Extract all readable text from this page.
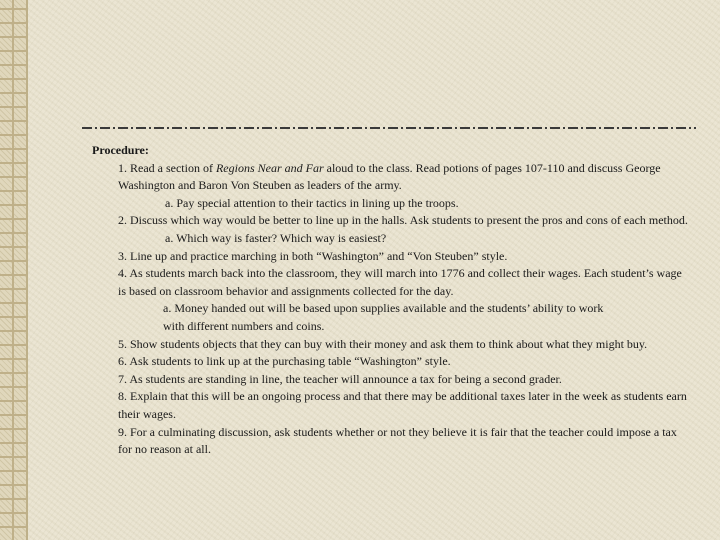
Procedure:
1. Read a section of Regions Near and Far aloud to the class. Read potions of pages 107-110 and discuss George Washington and Baron Von Steuben as leaders of the army.
a. Pay special attention to their tactics in lining up the troops.
2. Discuss which way would be better to line up in the halls. Ask students to present the pros and cons of each method.
a. Which way is faster? Which way is easiest?
3. Line up and practice marching in both “Washington” and “Von Steuben” style.
4. As students march back into the classroom, they will march into 1776 and collect their wages. Each student’s wage is based on classroom behavior and assignments collected for the day.
a. Money handed out will be based upon supplies available and the students’ ability to work
with different numbers and coins.
5. Show students objects that they can buy with their money and ask them to think about what they might buy.
6. Ask students to link up at the purchasing table “Washington” style.
7. As students are standing in line, the teacher will announce a tax for being a second grader.
8. Explain that this will be an ongoing process and that there may be additional taxes later in the week as students earn their wages.
9. For a culminating discussion, ask students whether or not they believe it is fair that the teacher could impose a tax for no reason at all.
